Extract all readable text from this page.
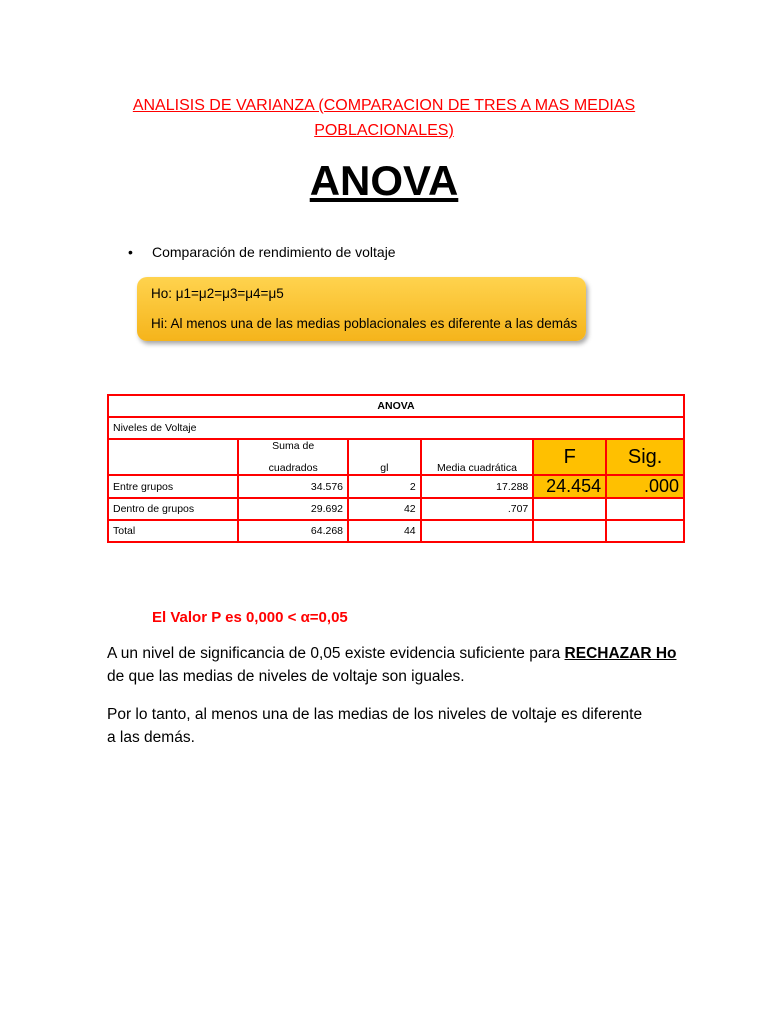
ANALISIS DE VARIANZA (COMPARACION DE TRES A MAS MEDIAS
POBLACIONALES)
ANOVA
• Comparación de rendimiento de voltaje
Ho: μ1=μ2=μ3=μ4=μ5
Hi: Al menos una de las medias poblacionales es diferente a las demás
ANOVA					
Niveles de Voltaje					

	Suma de
cuadrados	gl	Media cuadrática	F	Sig.
Entre grupos	34.576	2	17.288	24.454	.000
Dentro de grupos	29.692	42	.707		
Total	64.268	44			
El Valor P es 0,000 < α=0,05
A un nivel de significancia de 0,05 existe evidencia suficiente para RECHAZAR Ho
de que las medias de niveles de voltaje son iguales.
Por lo tanto, al menos una de las medias de los niveles de voltaje es diferente
a las demás.
